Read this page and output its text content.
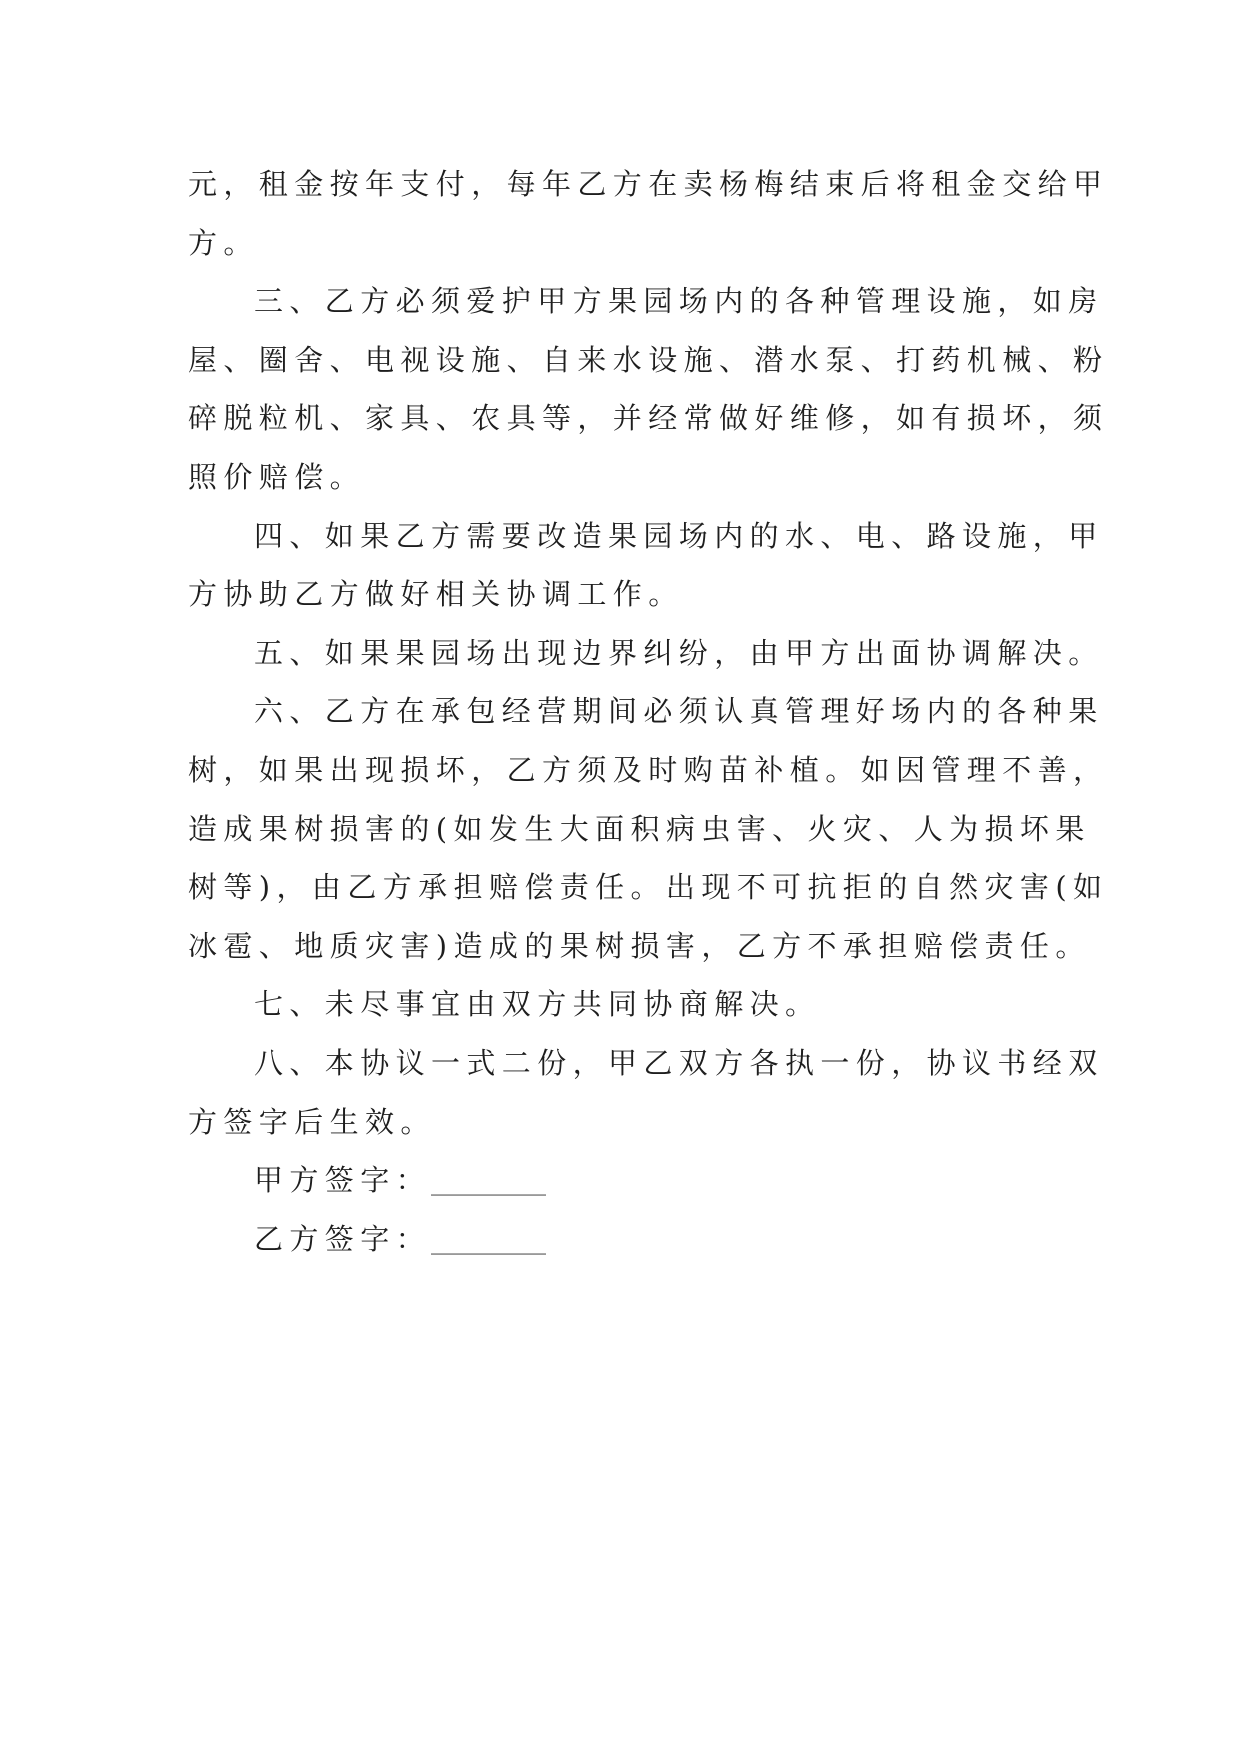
元，租金按年支付，每年乙方在卖杨梅结束后将租金交给甲
方。
三、乙方必须爱护甲方果园场内的各种管理设施，如房
屋、圈舍、电视设施、自来水设施、潜水泵、打药机械、粉
碎脱粒机、家具、农具等，并经常做好维修，如有损坏，须
照价赔偿。
四、如果乙方需要改造果园场内的水、电、路设施，甲
方协助乙方做好相关协调工作。
五、如果果园场出现边界纠纷，由甲方出面协调解决。
六、乙方在承包经营期间必须认真管理好场内的各种果
树，如果出现损坏，乙方须及时购苗补植。如因管理不善，
造成果树损害的(如发生大面积病虫害、火灾、人为损坏果
树等)，由乙方承担赔偿责任。出现不可抗拒的自然灾害(如
冰雹、地质灾害)造成的果树损害，乙方不承担赔偿责任。
七、未尽事宜由双方共同协商解决。
八、本协议一式二份，甲乙双方各执一份，协议书经双
方签字后生效。
甲方签字：__________
乙方签字：__________
